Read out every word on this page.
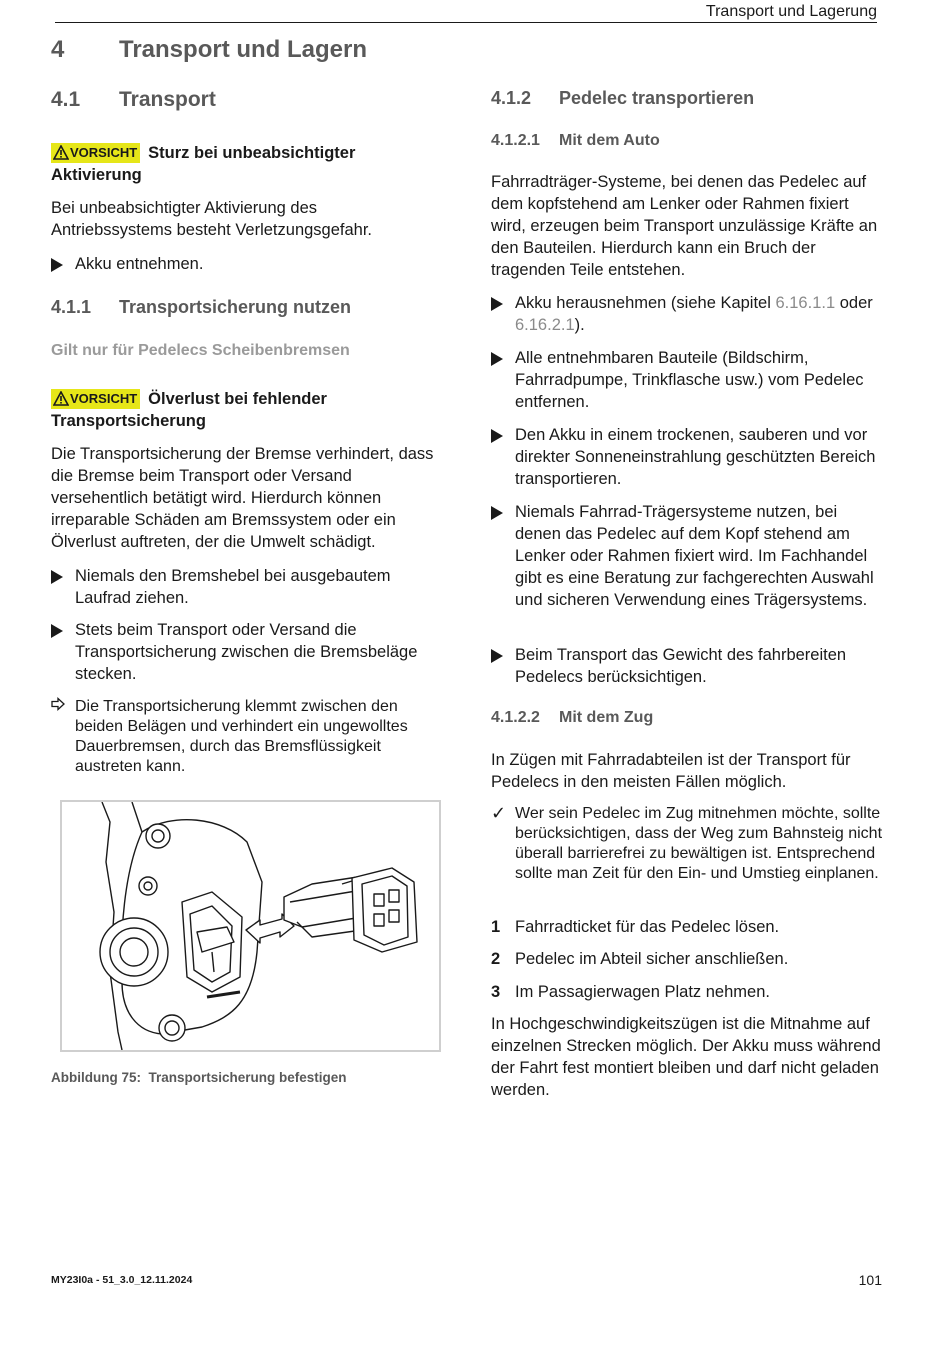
Transport und Lagerung
4 Transport und Lagern
4.1 Transport
VORSICHT Sturz bei unbeabsichtigter Aktivierung
Bei unbeabsichtigter Aktivierung des Antriebssystems besteht Verletzungsgefahr.
Akku entnehmen.
4.1.1 Transportsicherung nutzen
Gilt nur für Pedelecs Scheibenbremsen
VORSICHT Ölverlust bei fehlender Transportsicherung
Die Transportsicherung der Bremse verhindert, dass die Bremse beim Transport oder Versand versehentlich betätigt wird. Hierdurch können irreparable Schäden am Bremssystem oder ein Ölverlust auftreten, der die Umwelt schädigt.
Niemals den Bremshebel bei ausgebautem Laufrad ziehen.
Stets beim Transport oder Versand die Transportsicherung zwischen die Bremsbeläge stecken.
Die Transportsicherung klemmt zwischen den beiden Belägen und verhindert ein ungewolltes Dauerbremsen, durch das Bremsflüssigkeit austreten kann.
Abbildung 75: Transportsicherung befestigen
4.1.2 Pedelec transportieren
4.1.2.1 Mit dem Auto
Fahrradträger-Systeme, bei denen das Pedelec auf dem kopfstehend am Lenker oder Rahmen fixiert wird, erzeugen beim Transport unzulässige Kräfte an den Bauteilen. Hierdurch kann ein Bruch der tragenden Teile entstehen.
Akku herausnehmen (siehe Kapitel 6.16.1.1 oder 6.16.2.1).
Alle entnehmbaren Bauteile (Bildschirm, Fahrradpumpe, Trinkflasche usw.) vom Pedelec entfernen.
Den Akku in einem trockenen, sauberen und vor direkter Sonneneinstrahlung geschützten Bereich transportieren.
Niemals Fahrrad-Trägersysteme nutzen, bei denen das Pedelec auf dem Kopf stehend am Lenker oder Rahmen fixiert wird. Im Fachhandel gibt es eine Beratung zur fachgerechten Auswahl und sicheren Verwendung eines Trägersystems.
Beim Transport das Gewicht des fahrbereiten Pedelecs berücksichtigen.
4.1.2.2 Mit dem Zug
In Zügen mit Fahrradabteilen ist der Transport für Pedelecs in den meisten Fällen möglich.
✓ Wer sein Pedelec im Zug mitnehmen möchte, sollte berücksichtigen, dass der Weg zum Bahnsteig nicht überall barrierefrei zu bewältigen ist. Entsprechend sollte man Zeit für den Ein- und Umstieg einplanen.
1 Fahrradticket für das Pedelec lösen.
2 Pedelec im Abteil sicher anschließen.
3 Im Passagierwagen Platz nehmen.
In Hochgeschwindigkeitszügen ist die Mitnahme auf einzelnen Strecken möglich. Der Akku muss während der Fahrt fest montiert bleiben und darf nicht geladen werden.
MY23I0a - 51_3.0_12.11.2024	101
